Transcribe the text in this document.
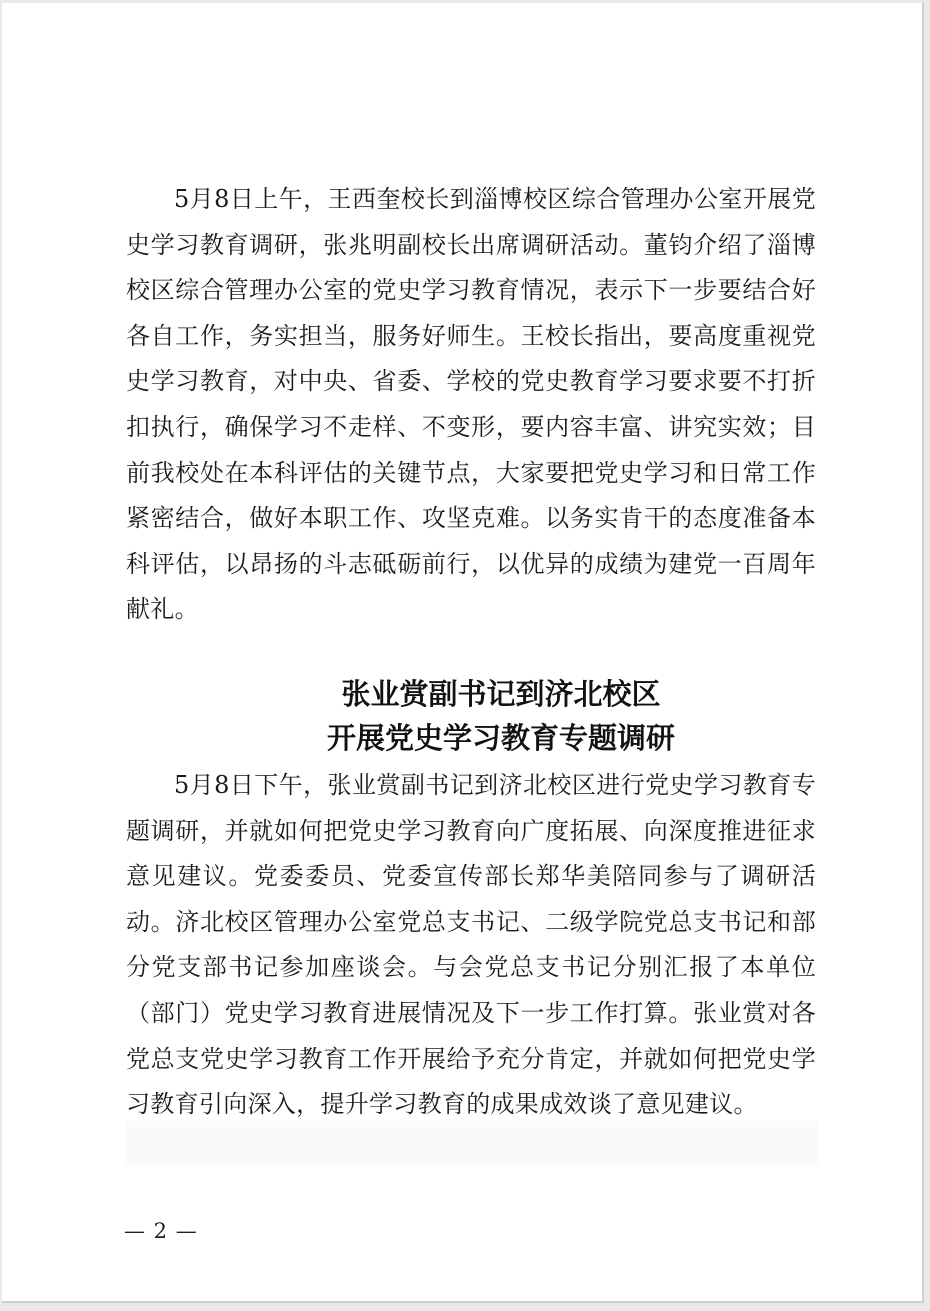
5月8日上午，王西奎校长到淄博校区综合管理办公室开展党史学习教育调研，张兆明副校长出席调研活动。董钧介绍了淄博校区综合管理办公室的党史学习教育情况，表示下一步要结合好各自工作，务实担当，服务好师生。王校长指出，要高度重视党史学习教育，对中央、省委、学校的党史教育学习要求要不打折扣执行，确保学习不走样、不变形，要内容丰富、讲究实效；目前我校处在本科评估的关键节点，大家要把党史学习和日常工作紧密结合，做好本职工作、攻坚克难。以务实肯干的态度准备本科评估，以昂扬的斗志砥砺前行，以优异的成绩为建党一百周年献礼。

张业赏副书记到济北校区
开展党史学习教育专题调研

5月8日下午，张业赏副书记到济北校区进行党史学习教育专题调研，并就如何把党史学习教育向广度拓展、向深度推进征求意见建议。党委委员、党委宣传部长郑华美陪同参与了调研活动。济北校区管理办公室党总支书记、二级学院党总支书记和部分党支部书记参加座谈会。与会党总支书记分别汇报了本单位（部门）党史学习教育进展情况及下一步工作打算。张业赏对各党总支党史学习教育工作开展给予充分肯定，并就如何把党史学习教育引向深入，提升学习教育的成果成效谈了意见建议。

— 2 —
